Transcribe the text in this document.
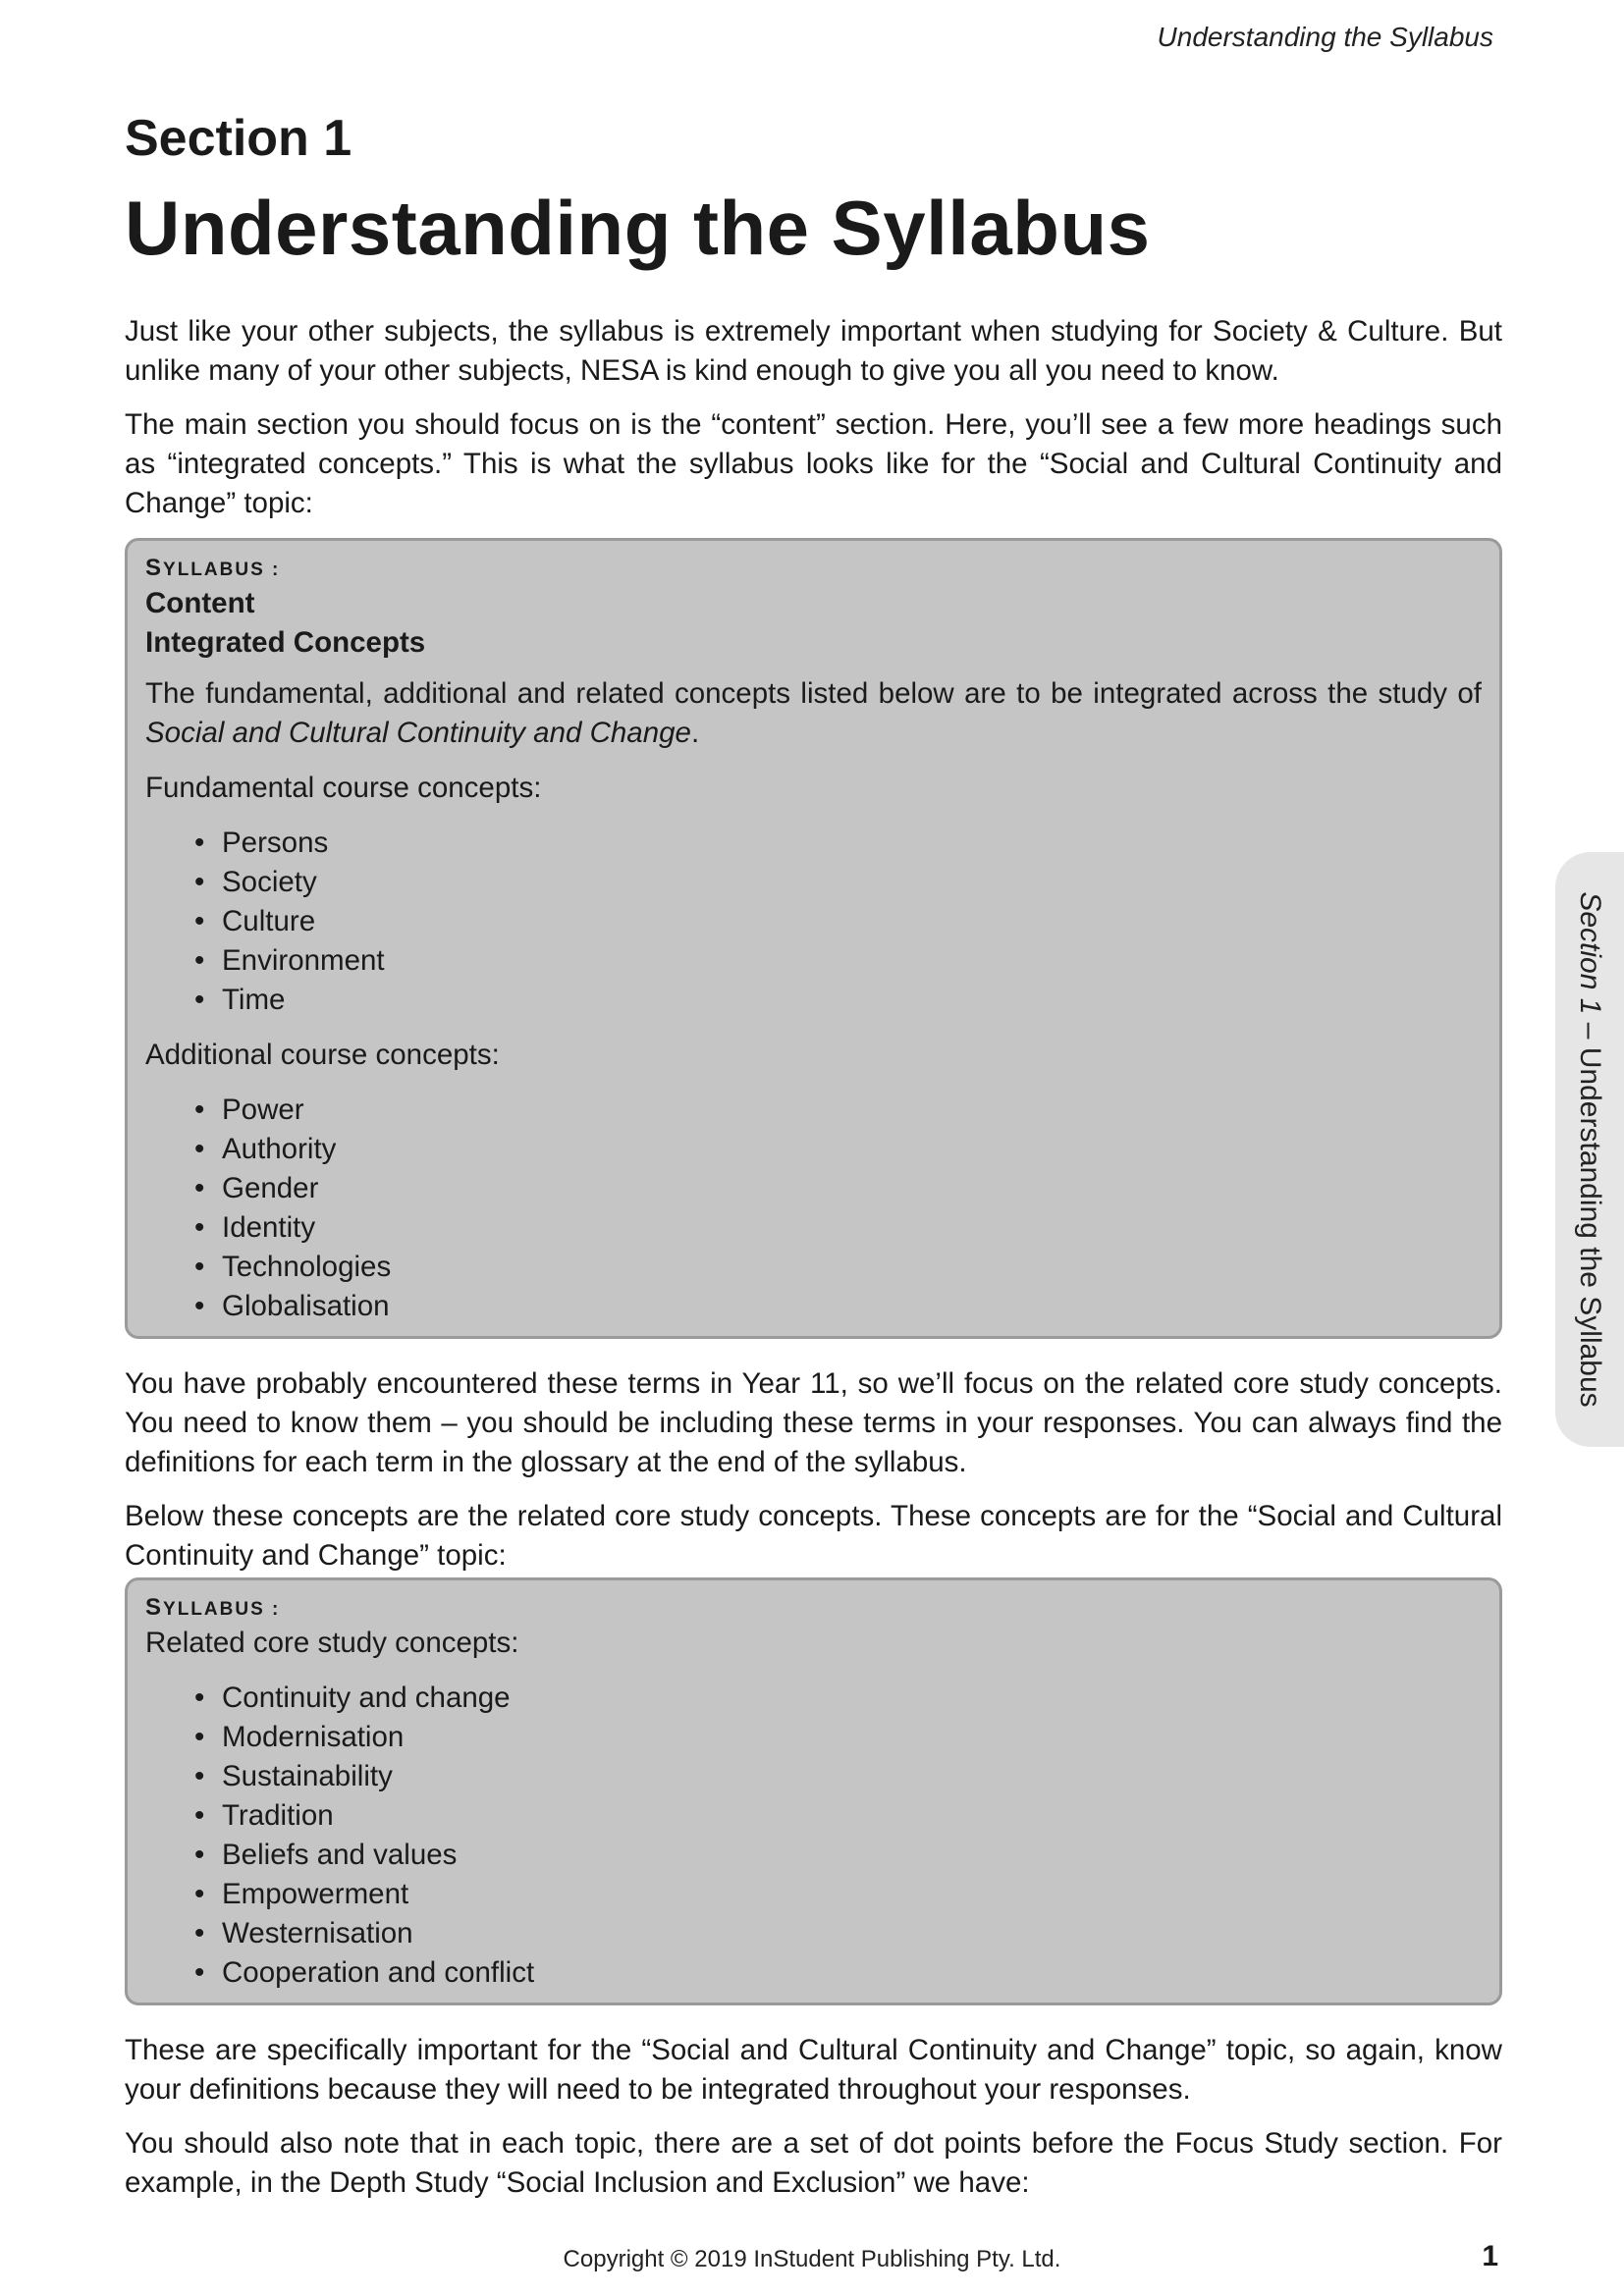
Understanding the Syllabus
Section 1
Understanding the Syllabus

Just like your other subjects, the syllabus is extremely important when studying for Society & Culture. But unlike many of your other subjects, NESA is kind enough to give you all you need to know.

The main section you should focus on is the “content” section. Here, you’ll see a few more headings such as “integrated concepts.” This is what the syllabus looks like for the “Social and Cultural Continuity and Change” topic:

SYLLABUS :
Content
Integrated Concepts

The fundamental, additional and related concepts listed below are to be integrated across the study of Social and Cultural Continuity and Change.

Fundamental course concepts:

• Persons
• Society
• Culture
• Environment
• Time

Additional course concepts:

• Power
• Authority
• Gender
• Identity
• Technologies
• Globalisation

You have probably encountered these terms in Year 11, so we’ll focus on the related core study concepts. You need to know them – you should be including these terms in your responses. You can always find the definitions for each term in the glossary at the end of the syllabus.

Below these concepts are the related core study concepts. These concepts are for the “Social and Cultural Continuity and Change” topic:

SYLLABUS :

Related core study concepts:

• Continuity and change
• Modernisation
• Sustainability
• Tradition
• Beliefs and values
• Empowerment
• Westernisation
• Cooperation and conflict

These are specifically important for the “Social and Cultural Continuity and Change” topic, so again, know your definitions because they will need to be integrated throughout your responses.

You should also note that in each topic, there are a set of dot points before the Focus Study section. For example, in the Depth Study “Social Inclusion and Exclusion” we have:

Section 1 – Understanding the Syllabus
Copyright © 2019 InStudent Publishing Pty. Ltd.	1
